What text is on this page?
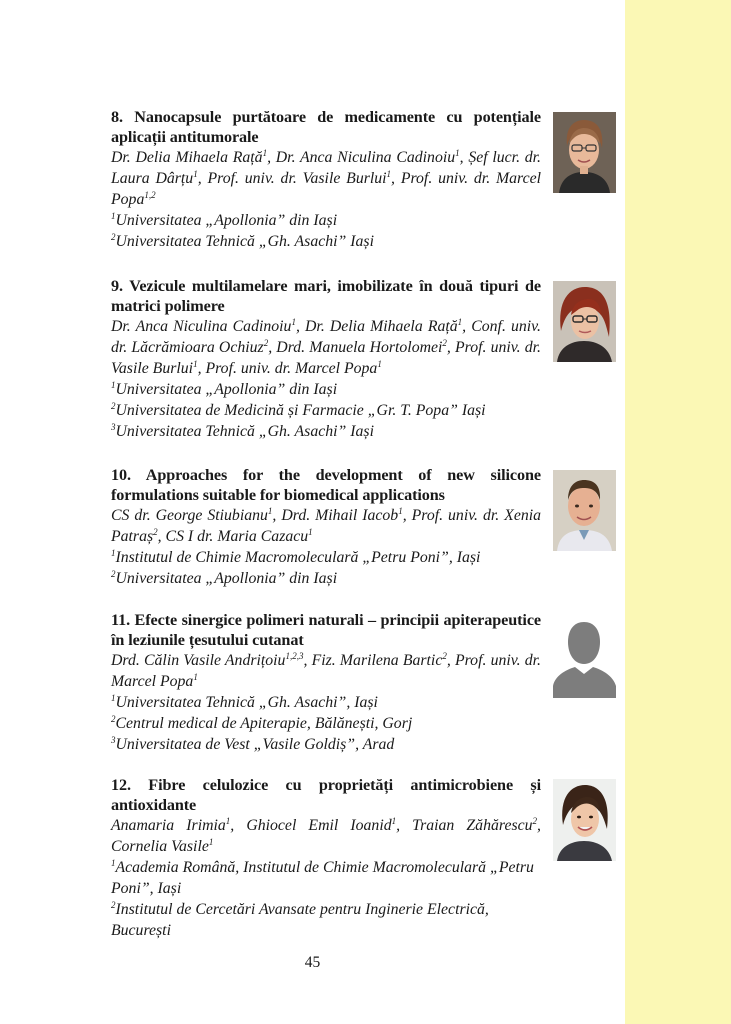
8. Nanocapsule purtătoare de medicamente cu potențiale aplicații antitumorale

Dr. Delia Mihaela Rață$^1$, Dr. Anca Niculina Cadinoiu$^1$, Șef lucr. dr. Laura Dârțu$^1$, Prof. univ. dr. Vasile Burlui$^1$, Prof. univ. dr. Marcel Popa$^{1,2}$

$^1$Universitatea „Apollonia” din Iași

$^2$Universitatea Tehnică „Gh. Asachi” Iași

9. Vezicule multilamelare mari, imobilizate în două tipuri de matrici polimere

Dr. Anca Niculina Cadinoiu$^1$, Dr. Delia Mihaela Rață$^1$, Conf. univ. dr. Lăcrămioara Ochiuz$^2$, Drd. Manuela Hortolomei$^2$, Prof. univ. dr. Vasile Burlui$^1$, Prof. univ. dr. Marcel Popa$^1$

$^1$Universitatea „Apollonia” din Iași

$^2$Universitatea de Medicină și Farmacie „Gr. T. Popa” Iași

$^3$Universitatea Tehnică „Gh. Asachi” Iași

10. Approaches for the development of new silicone formulations suitable for biomedical applications

CS dr. George Stiubianu$^1$, Drd. Mihail Iacob$^1$, Prof. univ. dr. Xenia Patraș$^2$, CS I dr. Maria Cazacu$^1$

$^1$Institutul de Chimie Macromoleculară „Petru Poni”, Iași

$^2$Universitatea „Apollonia” din Iași

11. Efecte sinergice polimeri naturali – principii apiterapeutice în leziunile țesutului cutanat

Drd. Călin Vasile Andrițoiu$^{1,2,3}$, Fiz. Marilena Bartic$^2$, Prof. univ. dr. Marcel Popa$^1$

$^1$Universitatea Tehnică „Gh. Asachi”, Iași

$^2$Centrul medical de Apiterapie, Bălănești, Gorj

$^3$Universitatea de Vest „Vasile Goldiș”, Arad

12. Fibre celulozice cu proprietăți antimicrobiene și antioxidante

Anamaria Irimia$^1$, Ghiocel Emil Ioanid$^1$, Traian Zăhărescu$^2$, Cornelia Vasile$^1$

$^1$Academia Română, Institutul de Chimie Macromoleculară „Petru Poni”, Iași

$^2$Institutul de Cercetări Avansate pentru Inginerie Electrică, București

45
